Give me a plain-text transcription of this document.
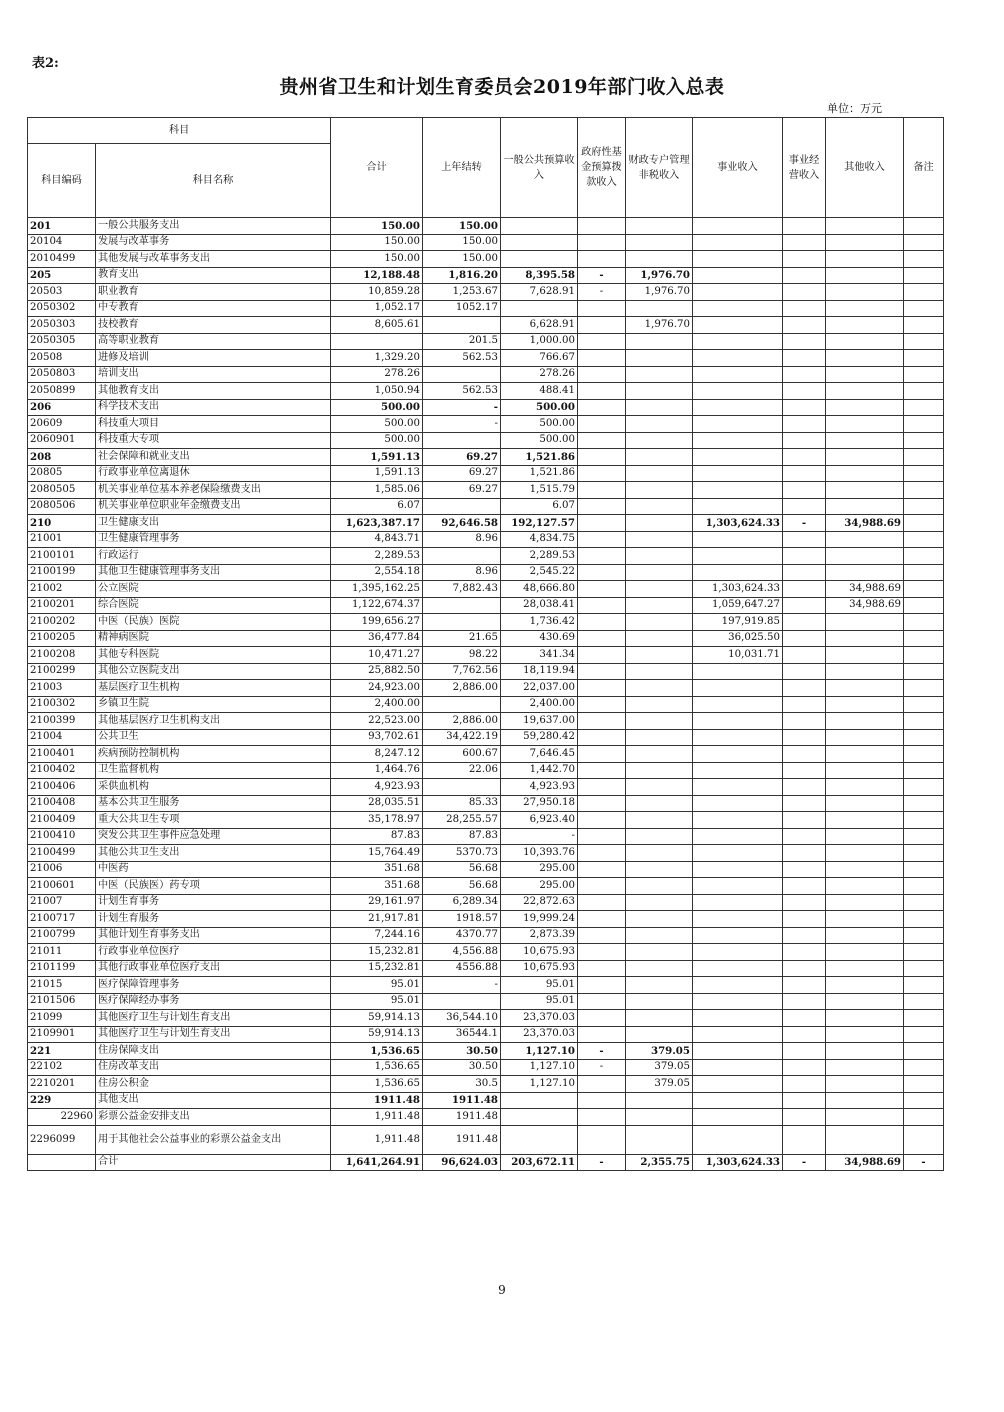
表2:
贵州省卫生和计划生育委员会2019年部门收入总表
单位：万元
科目		合计	上年结转	一般公共预算收入	政府性基金预算拨款收入	财政专户管理非税收入	事业收入	事业经营收入	其他收入	备注
科目编码	科目名称									
201	一般公共服务支出	150.00	150.00							
20104	发展与改革事务	150.00	150.00							
2010499	其他发展与改革事务支出	150.00	150.00							
205	教育支出	12,188.48	1,816.20	8,395.58	-	1,976.70				
20503	职业教育	10,859.28	1,253.67	7,628.91	-	1,976.70				
2050302	中专教育	1,052.17	1052.17							
2050303	技校教育	8,605.61		6,628.91		1,976.70				
2050305	高等职业教育		201.5	1,000.00						
20508	进修及培训	1,329.20	562.53	766.67						
2050803	培训支出	278.26		278.26						
2050899	其他教育支出	1,050.94	562.53	488.41						
206	科学技术支出	500.00	-	500.00						
20609	科技重大项目	500.00	-	500.00						
2060901	科技重大专项	500.00		500.00						
208	社会保障和就业支出	1,591.13	69.27	1,521.86						
20805	行政事业单位离退休	1,591.13	69.27	1,521.86						
2080505	机关事业单位基本养老保险缴费支出	1,585.06	69.27	1,515.79						
2080506	机关事业单位职业年金缴费支出	6.07		6.07						
210	卫生健康支出	1,623,387.17	92,646.58	192,127.57			1,303,624.33	-	34,988.69	
21001	卫生健康管理事务	4,843.71	8.96	4,834.75						
2100101	行政运行	2,289.53		2,289.53						
2100199	其他卫生健康管理事务支出	2,554.18	8.96	2,545.22						
21002	公立医院	1,395,162.25	7,882.43	48,666.80			1,303,624.33		34,988.69	
2100201	综合医院	1,122,674.37		28,038.41			1,059,647.27		34,988.69	
2100202	中医（民族）医院	199,656.27		1,736.42			197,919.85			
2100205	精神病医院	36,477.84	21.65	430.69			36,025.50			
2100208	其他专科医院	10,471.27	98.22	341.34			10,031.71			
2100299	其他公立医院支出	25,882.50	7,762.56	18,119.94						
21003	基层医疗卫生机构	24,923.00	2,886.00	22,037.00						
2100302	乡镇卫生院	2,400.00		2,400.00						
2100399	其他基层医疗卫生机构支出	22,523.00	2,886.00	19,637.00						
21004	公共卫生	93,702.61	34,422.19	59,280.42						
2100401	疾病预防控制机构	8,247.12	600.67	7,646.45						
2100402	卫生监督机构	1,464.76	22.06	1,442.70						
2100406	采供血机构	4,923.93		4,923.93						
2100408	基本公共卫生服务	28,035.51	85.33	27,950.18						
2100409	重大公共卫生专项	35,178.97	28,255.57	6,923.40						
2100410	突发公共卫生事件应急处理	87.83	87.83	-						
2100499	其他公共卫生支出	15,764.49	5370.73	10,393.76						
21006	中医药	351.68	56.68	295.00						
2100601	中医（民族医）药专项	351.68	56.68	295.00						
21007	计划生育事务	29,161.97	6,289.34	22,872.63						
2100717	计划生育服务	21,917.81	1918.57	19,999.24						
2100799	其他计划生育事务支出	7,244.16	4370.77	2,873.39						
21011	行政事业单位医疗	15,232.81	4,556.88	10,675.93						
2101199	其他行政事业单位医疗支出	15,232.81	4556.88	10,675.93						
21015	医疗保障管理事务	95.01	-	95.01						
2101506	医疗保障经办事务	95.01		95.01						
21099	其他医疗卫生与计划生育支出	59,914.13	36,544.10	23,370.03						
2109901	其他医疗卫生与计划生育支出	59,914.13	36544.1	23,370.03						
221	住房保障支出	1,536.65	30.50	1,127.10	-	379.05				
22102	住房改革支出	1,536.65	30.50	1,127.10	-	379.05				
2210201	住房公积金	1,536.65	30.5	1,127.10		379.05				
229	其他支出	1911.48	1911.48							
22960	彩票公益金安排支出	1,911.48	1911.48							
2296099	用于其他社会公益事业的彩票公益金支出	1,911.48	1911.48							
	合计	1,641,264.91	96,624.03	203,672.11	-	2,355.75	1,303,624.33	-	34,988.69	-
9
